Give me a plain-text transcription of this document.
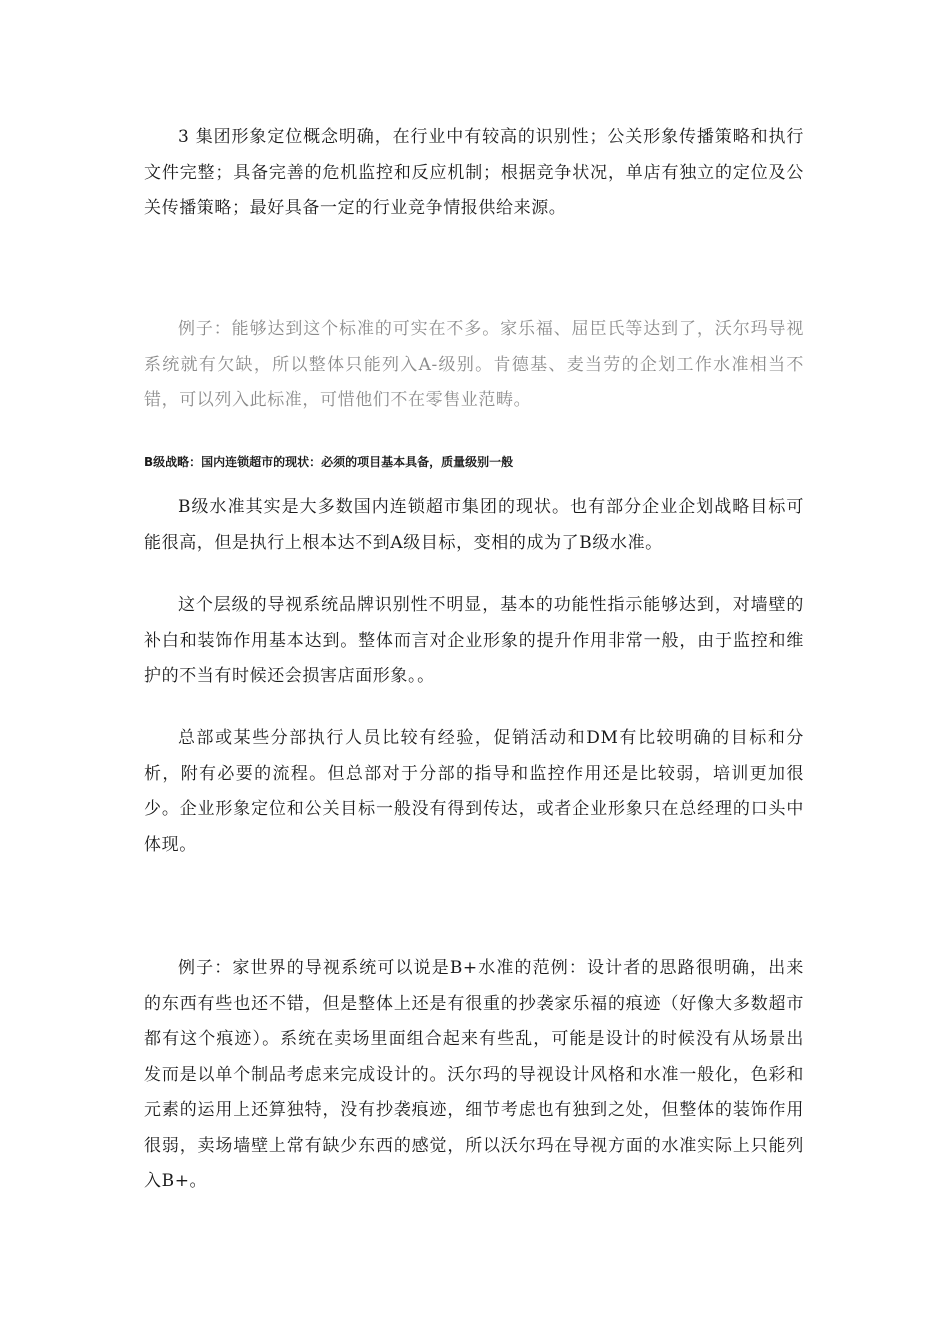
3 集团形象定位概念明确，在行业中有较高的识别性；公关形象传播策略和执行文件完整；具备完善的危机监控和反应机制；根据竞争状况，单店有独立的定位及公关传播策略；最好具备一定的行业竞争情报供给来源。

例子：能够达到这个标准的可实在不多。家乐福、屈臣氏等达到了，沃尔玛导视系统就有欠缺，所以整体只能列入A-级别。肯德基、麦当劳的企划工作水准相当不错，可以列入此标准，可惜他们不在零售业范畴。

B级战略：国内连锁超市的现状：必须的项目基本具备，质量级别一般

B级水准其实是大多数国内连锁超市集团的现状。也有部分企业企划战略目标可能很高，但是执行上根本达不到A级目标，变相的成为了B级水准。

这个层级的导视系统品牌识别性不明显，基本的功能性指示能够达到，对墙壁的补白和装饰作用基本达到。整体而言对企业形象的提升作用非常一般，由于监控和维护的不当有时候还会损害店面形象。。

总部或某些分部执行人员比较有经验，促销活动和DM有比较明确的目标和分析，附有必要的流程。但总部对于分部的指导和监控作用还是比较弱，培训更加很少。企业形象定位和公关目标一般没有得到传达，或者企业形象只在总经理的口头中体现。

例子：家世界的导视系统可以说是B+水准的范例：设计者的思路很明确，出来的东西有些也还不错，但是整体上还是有很重的抄袭家乐福的痕迹（好像大多数超市都有这个痕迹）。系统在卖场里面组合起来有些乱，可能是设计的时候没有从场景出发而是以单个制品考虑来完成设计的。沃尔玛的导视设计风格和水准一般化，色彩和元素的运用上还算独特，没有抄袭痕迹，细节考虑也有独到之处，但整体的装饰作用很弱，卖场墙壁上常有缺少东西的感觉，所以沃尔玛在导视方面的水准实际上只能列入B+。
